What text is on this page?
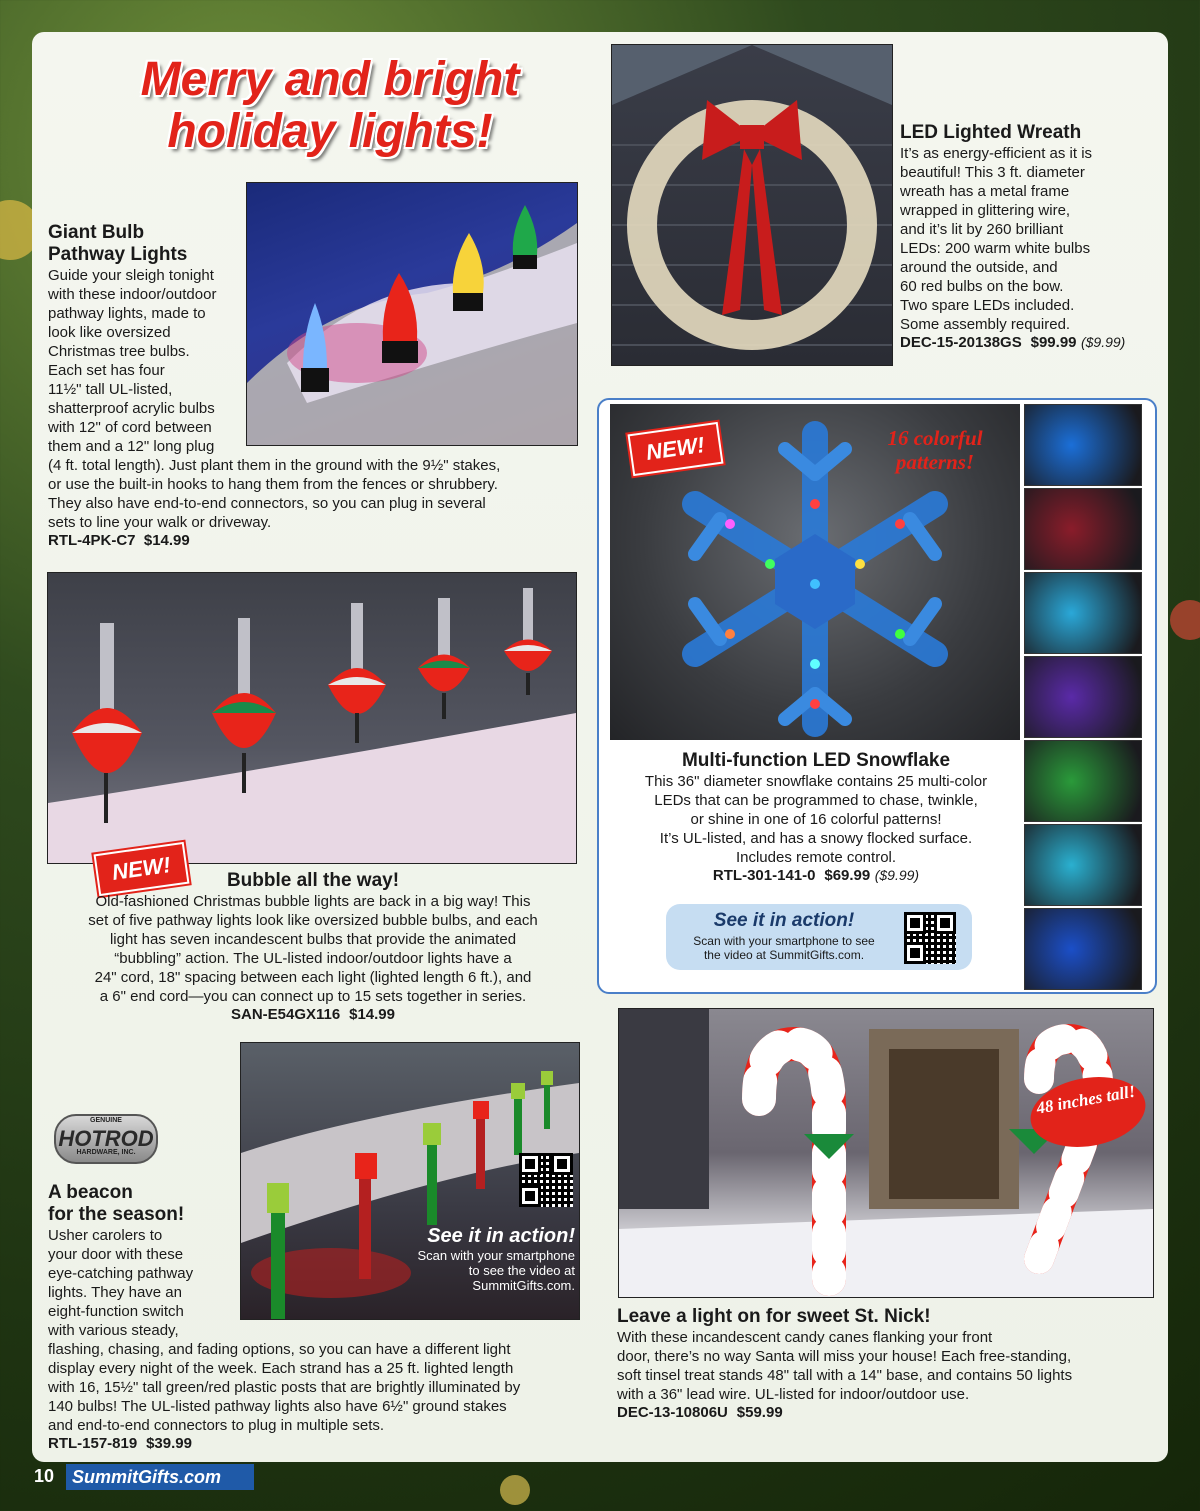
Merry and bright holiday lights!
Giant Bulb
Pathway Lights
Guide your sleigh tonight
with these indoor/outdoor
pathway lights, made to
look like oversized
Christmas tree bulbs.
Each set has four
11½" tall UL-listed,
shatterproof acrylic bulbs
with 12" of cord between
them and a 12" long plug
(4 ft. total length). Just plant them in the ground with the 9½" stakes,
or use the built-in hooks to hang them from the fences or shrubbery.
They also have end-to-end connectors, so you can plug in several
sets to line your walk or driveway.
RTL-4PK-C7 $14.99
LED Lighted Wreath
It’s as energy-efficient as it is
beautiful! This 3 ft. diameter
wreath has a metal frame
wrapped in glittering wire,
and it’s lit by 260 brilliant
LEDs: 200 warm white bulbs
around the outside, and
60 red bulbs on the bow.
Two spare LEDs included.
Some assembly required.
DEC-15-20138GS $99.99 ($9.99)
NEW!	16 colorful patterns!
Multi-function LED Snowflake
This 36" diameter snowflake contains 25 multi-color
LEDs that can be programmed to chase, twinkle,
or shine in one of 16 colorful patterns!
It’s UL-listed, and has a snowy flocked surface.
Includes remote control.
RTL-301-141-0 $69.99 ($9.99)
See it in action!
Scan with your smartphone to see
the video at SummitGifts.com.
NEW!	Bubble all the way!
Old-fashioned Christmas bubble lights are back in a big way! This
set of five pathway lights look like oversized bubble bulbs, and each
light has seven incandescent bulbs that provide the animated
“bubbling” action. The UL-listed indoor/outdoor lights have a
24" cord, 18" spacing between each light (lighted length 6 ft.), and
a 6" end cord—you can connect up to 15 sets together in series.
SAN-E54GX116 $14.99
See it in action!
Scan with your smartphone
to see the video at
SummitGifts.com.
GENUINE
HOTROD
HARDWARE, INC.
A beacon
for the season!
Usher carolers to
your door with these
eye-catching pathway
lights. They have an
eight-function switch
with various steady,
flashing, chasing, and fading options, so you can have a different light
display every night of the week. Each strand has a 25 ft. lighted length
with 16, 15½" tall green/red plastic posts that are brightly illuminated by
140 bulbs! The UL-listed pathway lights also have 6½" ground stakes
and end-to-end connectors to plug in multiple sets.
RTL-157-819 $39.99
48 inches tall!
Leave a light on for sweet St. Nick!
With these incandescent candy canes flanking your front
door, there’s no way Santa will miss your house! Each free-standing,
soft tinsel treat stands 48" tall with a 14" base, and contains 50 lights
with a 36" lead wire. UL-listed for indoor/outdoor use.
DEC-13-10806U $59.99
10 SummitGifts.com
